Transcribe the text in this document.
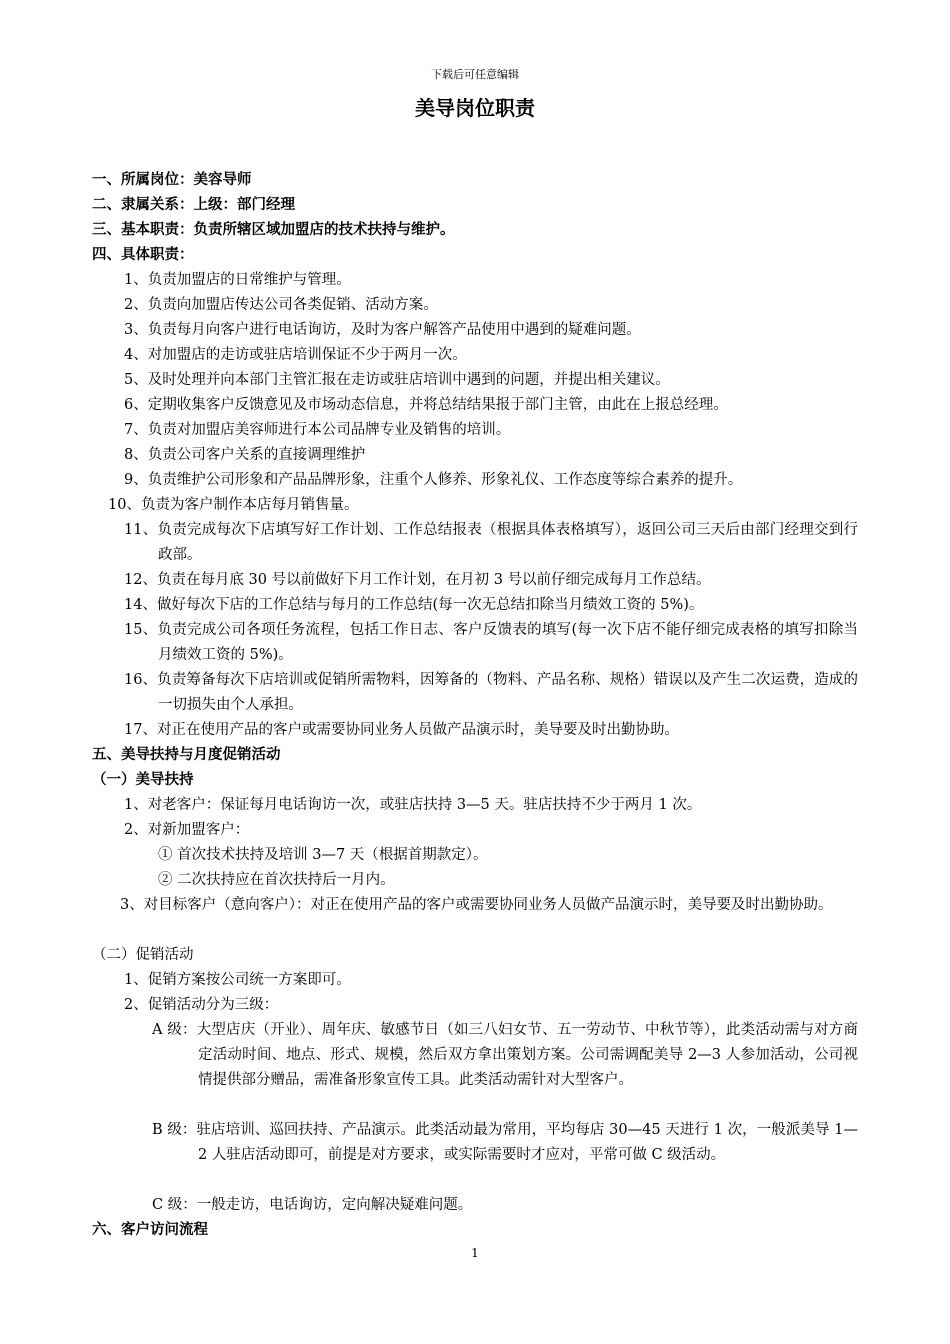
下载后可任意编辑
美导岗位职责
一、所属岗位：美容导师
二、隶属关系：上级：部门经理
三、基本职责：负责所辖区域加盟店的技术扶持与维护。
四、具体职责：
1、负责加盟店的日常维护与管理。
2、负责向加盟店传达公司各类促销、活动方案。
3、负责每月向客户进行电话询访，及时为客户解答产品使用中遇到的疑难问题。
4、对加盟店的走访或驻店培训保证不少于两月一次。
5、及时处理并向本部门主管汇报在走访或驻店培训中遇到的问题，并提出相关建议。
6、定期收集客户反馈意见及市场动态信息，并将总结结果报于部门主管，由此在上报总经理。
7、负责对加盟店美容师进行本公司品牌专业及销售的培训。
8、负责公司客户关系的直接调理维护
9、负责维护公司形象和产品品牌形象，注重个人修养、形象礼仪、工作态度等综合素养的提升。
10、负责为客户制作本店每月销售量。
11、负责完成每次下店填写好工作计划、工作总结报表（根据具体表格填写），返回公司三天后由部门经理交到行政部。
12、负责在每月底 30 号以前做好下月工作计划，在月初 3 号以前仔细完成每月工作总结。
14、做好每次下店的工作总结与每月的工作总结(每一次无总结扣除当月绩效工资的 5%)。
15、负责完成公司各项任务流程，包括工作日志、客户反馈表的填写(每一次下店不能仔细完成表格的填写扣除当月绩效工资的 5%)。
16、负责筹备每次下店培训或促销所需物料，因筹备的（物料、产品名称、规格）错误以及产生二次运费，造成的一切损失由个人承担。
17、对正在使用产品的客户或需要协同业务人员做产品演示时，美导要及时出勤协助。
五、美导扶持与月度促销活动
（一）美导扶持
1、对老客户：保证每月电话询访一次，或驻店扶持 3—5 天。驻店扶持不少于两月 1 次。
2、对新加盟客户：
① 首次技术扶持及培训 3—7 天（根据首期款定）。
② 二次扶持应在首次扶持后一月内。
3、对目标客户（意向客户）：对正在使用产品的客户或需要协同业务人员做产品演示时，美导要及时出勤协助。
（二）促销活动
1、促销方案按公司统一方案即可。
2、促销活动分为三级：
A 级：大型店庆（开业）、周年庆、敏感节日（如三八妇女节、五一劳动节、中秋节等），此类活动需与对方商定活动时间、地点、形式、规模，然后双方拿出策划方案。公司需调配美导 2—3 人参加活动，公司视情提供部分赠品，需准备形象宣传工具。此类活动需针对大型客户。
B 级：驻店培训、巡回扶持、产品演示。此类活动最为常用，平均每店 30—45 天进行 1 次，一般派美导 1—2 人驻店活动即可，前提是对方要求，或实际需要时才应对，平常可做 C 级活动。
C 级：一般走访，电话询访，定向解决疑难问题。
六、客户访问流程
1
